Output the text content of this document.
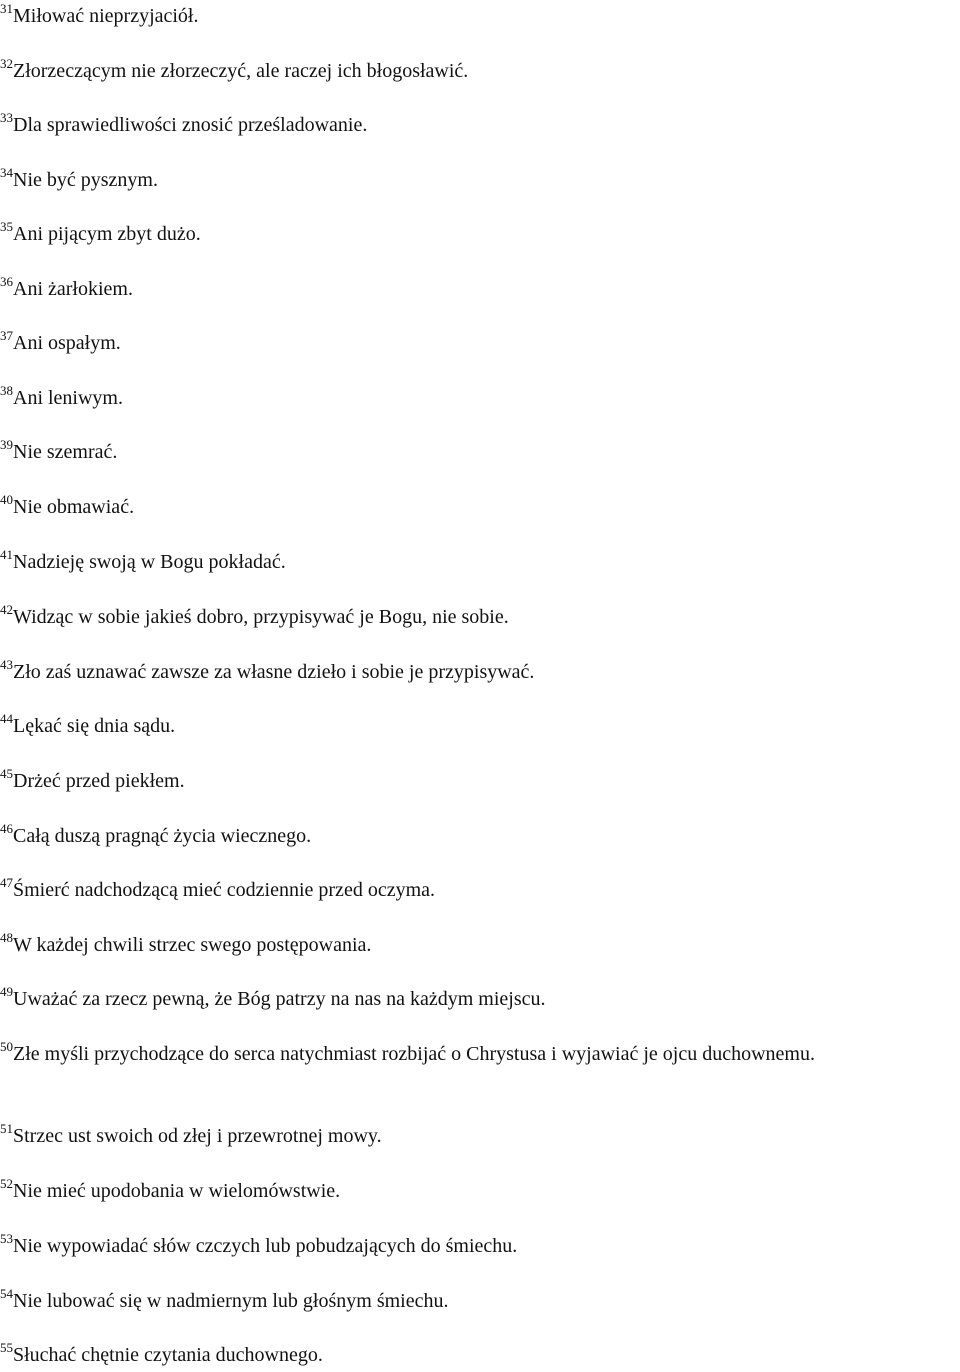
$^{31}$Miłować nieprzyjaciół.

$^{32}$Złorzeczącym nie złorzeczyć, ale raczej ich błogosławić.

$^{33}$Dla sprawiedliwości znosić prześladowanie.

$^{34}$Nie być pysznym.

$^{35}$Ani pijącym zbyt dużo.

$^{36}$Ani żarłokiem.

$^{37}$Ani ospałym.

$^{38}$Ani leniwym.

$^{39}$Nie szemrać.

$^{40}$Nie obmawiać.

$^{41}$Nadzieję swoją w Bogu pokładać.

$^{42}$Widząc w sobie jakieś dobro, przypisywać je Bogu, nie sobie.

$^{43}$Zło zaś uznawać zawsze za własne dzieło i sobie je przypisywać.

$^{44}$Lękać się dnia sądu.

$^{45}$Drżeć przed piekłem.

$^{46}$Całą duszą pragnąć życia wiecznego.

$^{47}$Śmierć nadchodzącą mieć codziennie przed oczyma.

$^{48}$W każdej chwili strzec swego postępowania.

$^{49}$Uważać za rzecz pewną, że Bóg patrzy na nas na każdym miejscu.

$^{50}$Złe myśli przychodzące do serca natychmiast rozbijać o Chrystusa i wyjawiać je ojcu duchownemu.

$^{51}$Strzec ust swoich od złej i przewrotnej mowy.

$^{52}$Nie mieć upodobania w wielomówstwie.

$^{53}$Nie wypowiadać słów czczych lub pobudzających do śmiechu.

$^{54}$Nie lubować się w nadmiernym lub głośnym śmiechu.

$^{55}$Słuchać chętnie czytania duchownego.
